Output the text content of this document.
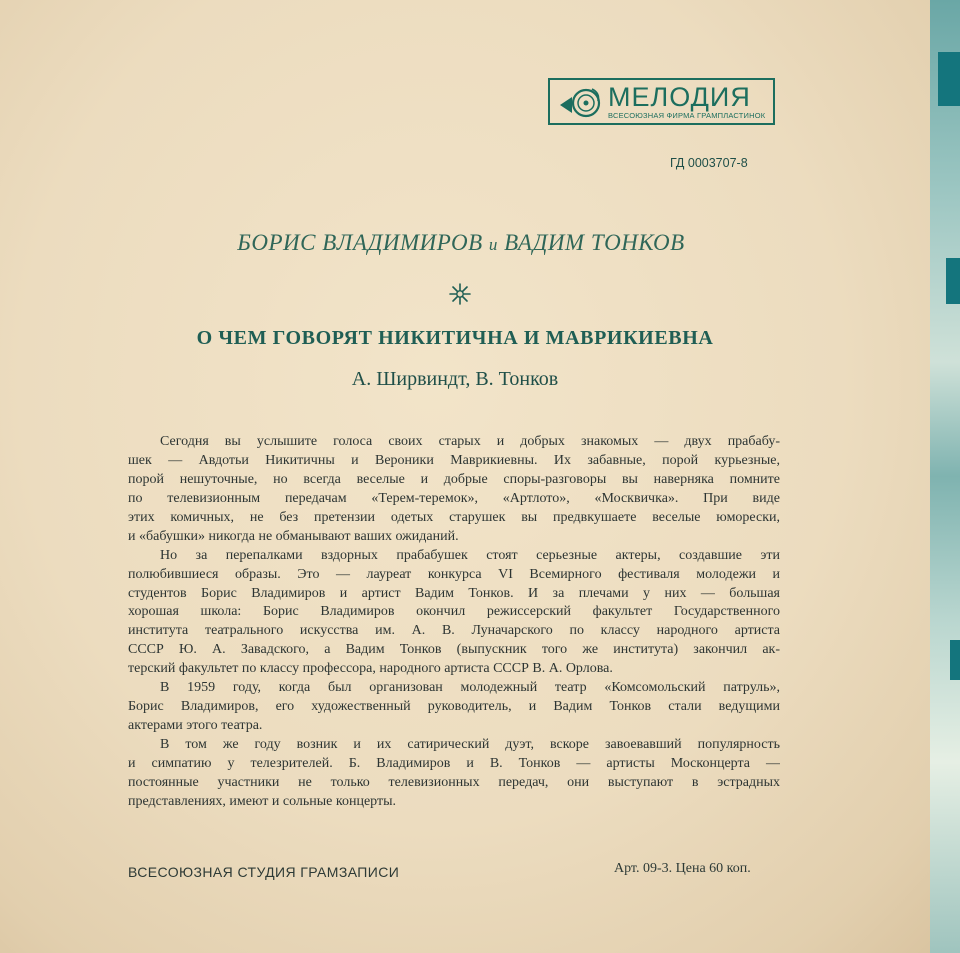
МЕЛОДИЯ
ВСЕСОЮЗНАЯ ФИРМА ГРАМПЛАСТИНОК
ГД 0003707-8
БОРИС ВЛАДИМИРОВ и ВАДИМ ТОНКОВ
О ЧЕМ ГОВОРЯТ НИКИТИЧНА И МАВРИКИЕВНА
А. Ширвиндт, В. Тонков
Сегодня вы услышите голоса своих старых и добрых знакомых — двух прабабу-
шек — Авдотьи Никитичны и Вероники Маврикиевны. Их забавные, порой курьезные,
порой нешуточные, но всегда веселые и добрые споры-разговоры вы наверняка помните
по телевизионным передачам «Терем-теремок», «Артлото», «Москвичка». При виде
этих комичных, не без претензии одетых старушек вы предвкушаете веселые юморески,
и «бабушки» никогда не обманывают ваших ожиданий.
Но за перепалками вздорных прабабушек стоят серьезные актеры, создавшие эти
полюбившиеся образы. Это — лауреат конкурса VI Всемирного фестиваля молодежи и
студентов Борис Владимиров и артист Вадим Тонков. И за плечами у них — большая
хорошая школа: Борис Владимиров окончил режиссерский факультет Государственного
института театрального искусства им. А. В. Луначарского по классу народного артиста
СССР Ю. А. Завадского, а Вадим Тонков (выпускник того же института) закончил ак-
терский факультет по классу профессора, народного артиста СССР В. А. Орлова.
В 1959 году, когда был организован молодежный театр «Комсомольский патруль»,
Борис Владимиров, его художественный руководитель, и Вадим Тонков стали ведущими
актерами этого театра.
В том же году возник и их сатирический дуэт, вскоре завоевавший популярность
и симпатию у телезрителей. Б. Владимиров и В. Тонков — артисты Москонцерта —
постоянные участники не только телевизионных передач, они выступают в эстрадных
представлениях, имеют и сольные концерты.
ВСЕСОЮЗНАЯ СТУДИЯ ГРАМЗАПИСИ	Арт. 09-3. Цена 60 коп.
